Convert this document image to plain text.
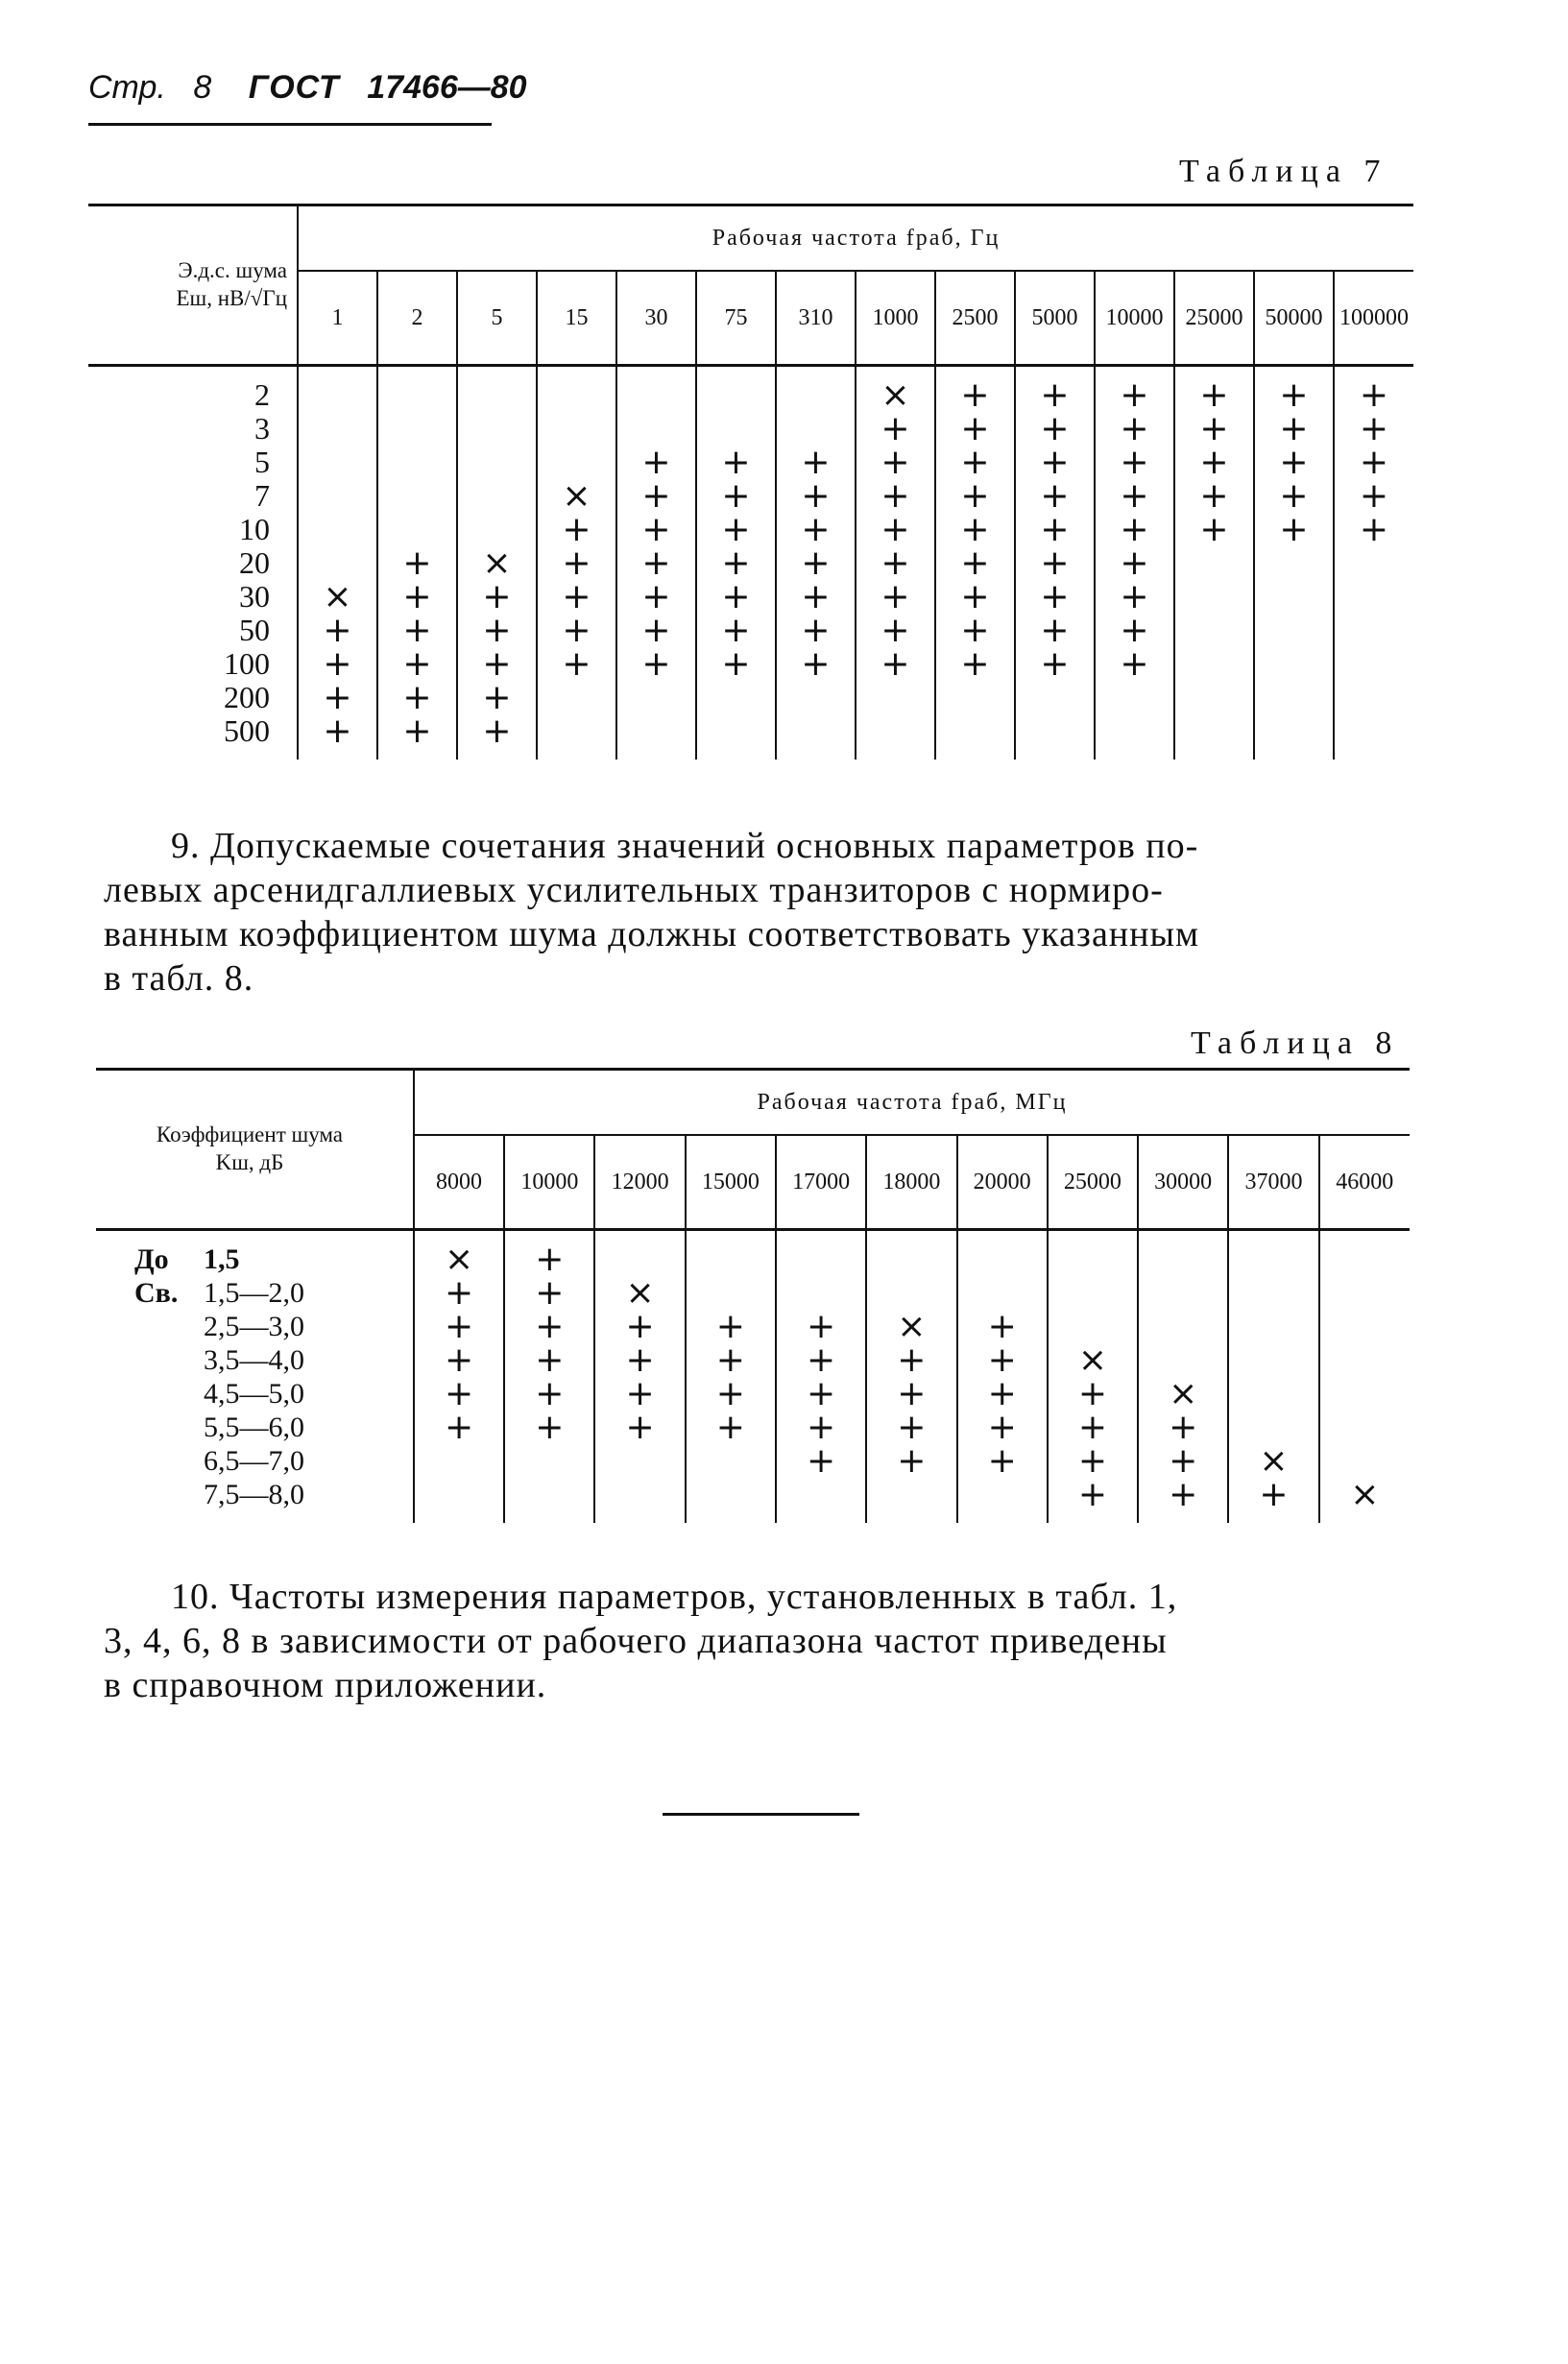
Стр. 8 ГОСТ 17466—80
Таблица 7
Э.д.с. шума
Eш, нВ/√Гц	Рабочая частота fраб, Гц													
	1	2	5	15	30	75	310	1000	2500	5000	10000	25000	50000	100000

2								×	+	+	+	+	+	+
3								+	+	+	+	+	+	+
5					+	+	+	+	+	+	+	+	+	+
7				×	+	+	+	+	+	+	+	+	+	+
10				+	+	+	+	+	+	+	+	+	+	+
20		+	×	+	+	+	+	+	+	+	+			
30	×	+	+	+	+	+	+	+	+	+	+			
50	+	+	+	+	+	+	+	+	+	+	+			
100	+	+	+	+	+	+	+	+	+	+	+			
200	+	+	+											
500	+	+	+											

9. Допускаемые сочетания значений основных параметров по-
левых арсенидгаллиевых усилительных транзиторов с нормиро-
ванным коэффициентом шума должны соответствовать указанным
в табл. 8.
Таблица 8
Коэффициент шума
Kш, дБ	Рабочая частота fраб, МГц										
	8000	10000	12000	15000	17000	18000	20000	25000	30000	37000	46000

До 1,5	×	+									
Св. 1,5—2,0	+	+	×								
2,5—3,0	+	+	+	+	+	×	+				
3,5—4,0	+	+	+	+	+	+	+	×			
4,5—5,0	+	+	+	+	+	+	+	+	×		
5,5—6,0	+	+	+	+	+	+	+	+	+		
6,5—7,0					+	+	+	+	+	×	
7,5—8,0								+	+	+	×

10. Частоты измерения параметров, установленных в табл. 1,
3, 4, 6, 8 в зависимости от рабочего диапазона частот приведены
в справочном приложении.
